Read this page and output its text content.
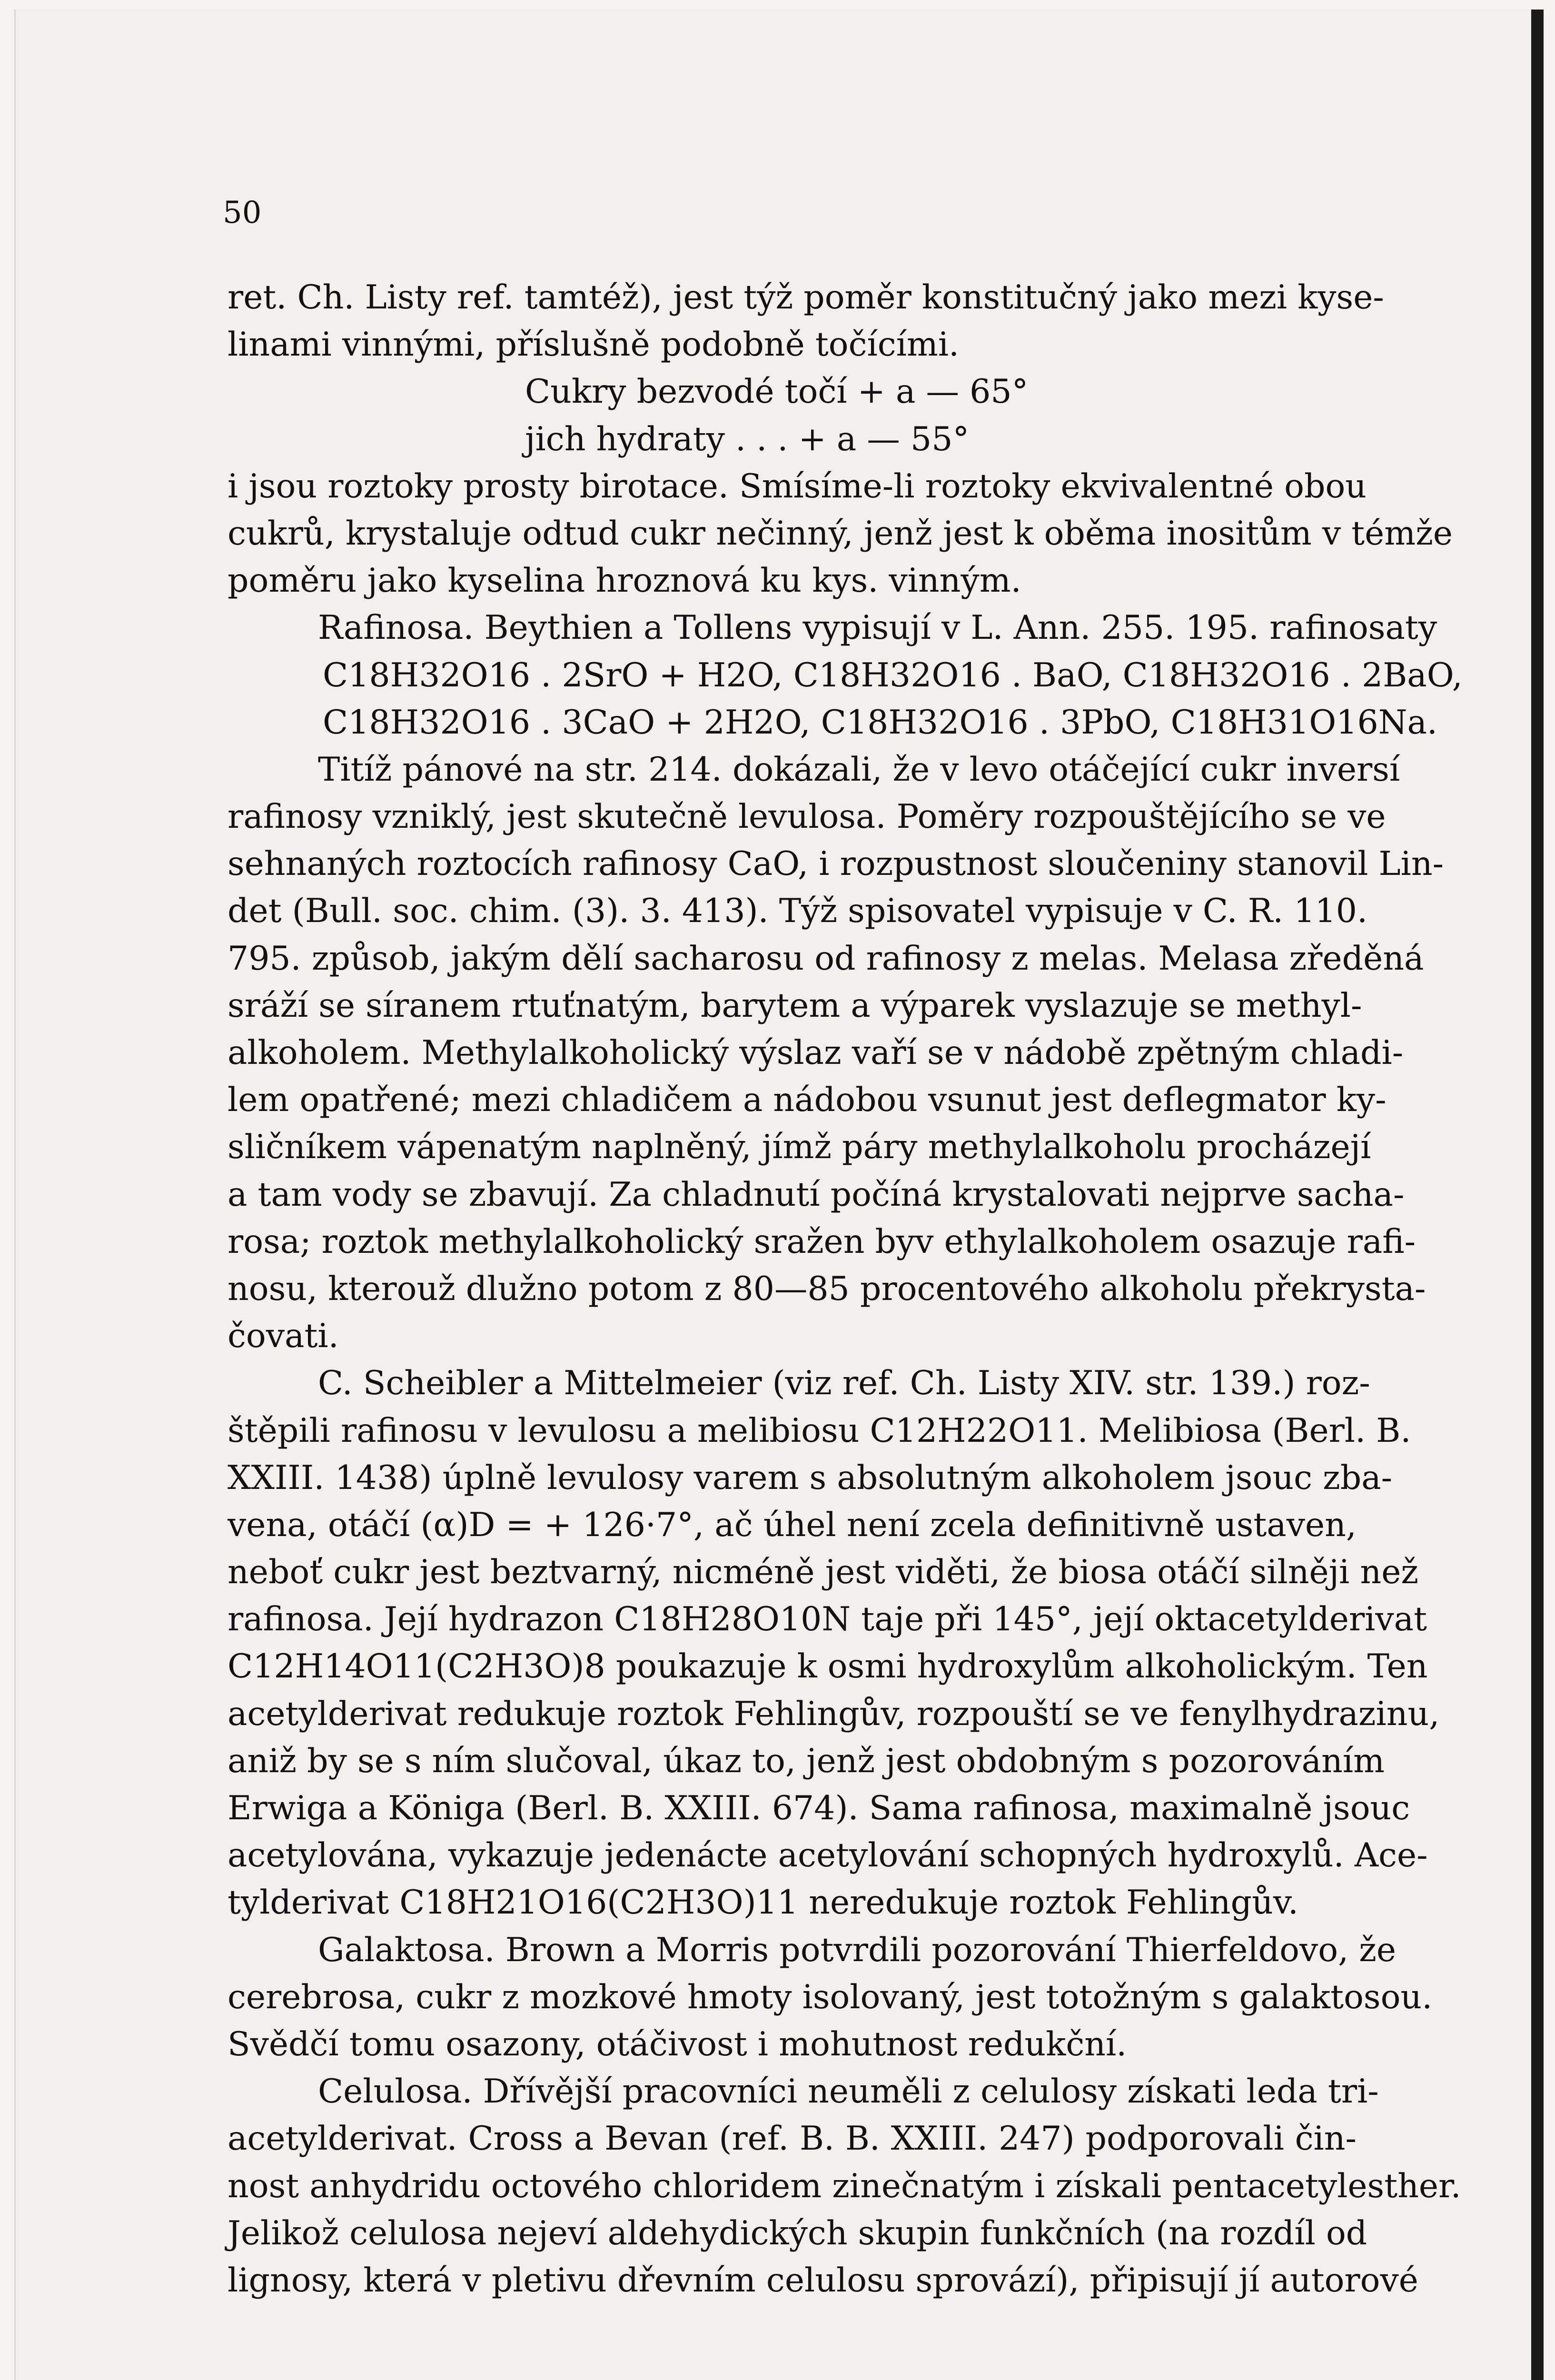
50
ret. Ch. Listy ref. tamtéž), jest týž poměr konstitučný jako mezi kyse-
linami vinnými, příslušně podobně točícími.
Cukry bezvodé točí + a — 65°
jich hydraty . . . + a — 55°
i jsou roztoky prosty birotace. Smísíme-li roztoky ekvivalentné obou
cukrů, krystaluje odtud cukr nečinný, jenž jest k oběma inositům v témže
poměru jako kyselina hroznová ku kys. vinným.
Rafinosa. Beythien a Tollens vypisují v L. Ann. 255. 195. rafinosaty
C18H32O16 . 2SrO + H2O, C18H32O16 . BaO, C18H32O16 . 2BaO,
C18H32O16 . 3CaO + 2H2O, C18H32O16 . 3PbO, C18H31O16Na.
Titíž pánové na str. 214. dokázali, že v levo otáčející cukr inversí
rafinosy vzniklý, jest skutečně levulosa. Poměry rozpouštějícího se ve
sehnaných roztocích rafinosy CaO, i rozpustnost sloučeniny stanovil Lin-
det (Bull. soc. chim. (3). 3. 413). Týž spisovatel vypisuje v C. R. 110.
795. způsob, jakým dělí sacharosu od rafinosy z melas. Melasa zředěná
sráží se síranem rtuťnatým, barytem a výparek vyslazuje se methyl-
alkoholem. Methylalkoholický výslaz vaří se v nádobě zpětným chladi-
lem opatřené; mezi chladičem a nádobou vsunut jest deflegmator ky-
sličníkem vápenatým naplněný, jímž páry methylalkoholu procházejí
a tam vody se zbavují. Za chladnutí počíná krystalovati nejprve sacha-
rosa; roztok methylalkoholický sražen byv ethylalkoholem osazuje rafi-
nosu, kterouž dlužno potom z 80—85 procentového alkoholu překrysta-
čovati.
C. Scheibler a Mittelmeier (viz ref. Ch. Listy XIV. str. 139.) roz-
štěpili rafinosu v levulosu a melibiosu C12H22O11. Melibiosa (Berl. B.
XXIII. 1438) úplně levulosy varem s absolutným alkoholem jsouc zba-
vena, otáčí (α)D = + 126·7°, ač úhel není zcela definitivně ustaven,
neboť cukr jest beztvarný, nicméně jest viděti, že biosa otáčí silněji než
rafinosa. Její hydrazon C18H28O10N taje při 145°, její oktacetylderivat
C12H14O11(C2H3O)8 poukazuje k osmi hydroxylům alkoholickým. Ten
acetylderivat redukuje roztok Fehlingův, rozpouští se ve fenylhydrazinu,
aniž by se s ním slučoval, úkaz to, jenž jest obdobným s pozorováním
Erwiga a Königa (Berl. B. XXIII. 674). Sama rafinosa, maximalně jsouc
acetylována, vykazuje jedenácte acetylování schopných hydroxylů. Ace-
tylderivat C18H21O16(C2H3O)11 neredukuje roztok Fehlingův.
Galaktosa. Brown a Morris potvrdili pozorování Thierfeldovo, že
cerebrosa, cukr z mozkové hmoty isolovaný, jest totožným s galaktosou.
Svědčí tomu osazony, otáčivost i mohutnost redukční.
Celulosa. Dřívější pracovníci neuměli z celulosy získati leda tri-
acetylderivat. Cross a Bevan (ref. B. B. XXIII. 247) podporovali čin-
nost anhydridu octového chloridem zinečnatým i získali pentacetylesther.
Jelikož celulosa nejeví aldehydických skupin funkčních (na rozdíl od
lignosy, která v pletivu dřevním celulosu sprovází), připisují jí autorové
